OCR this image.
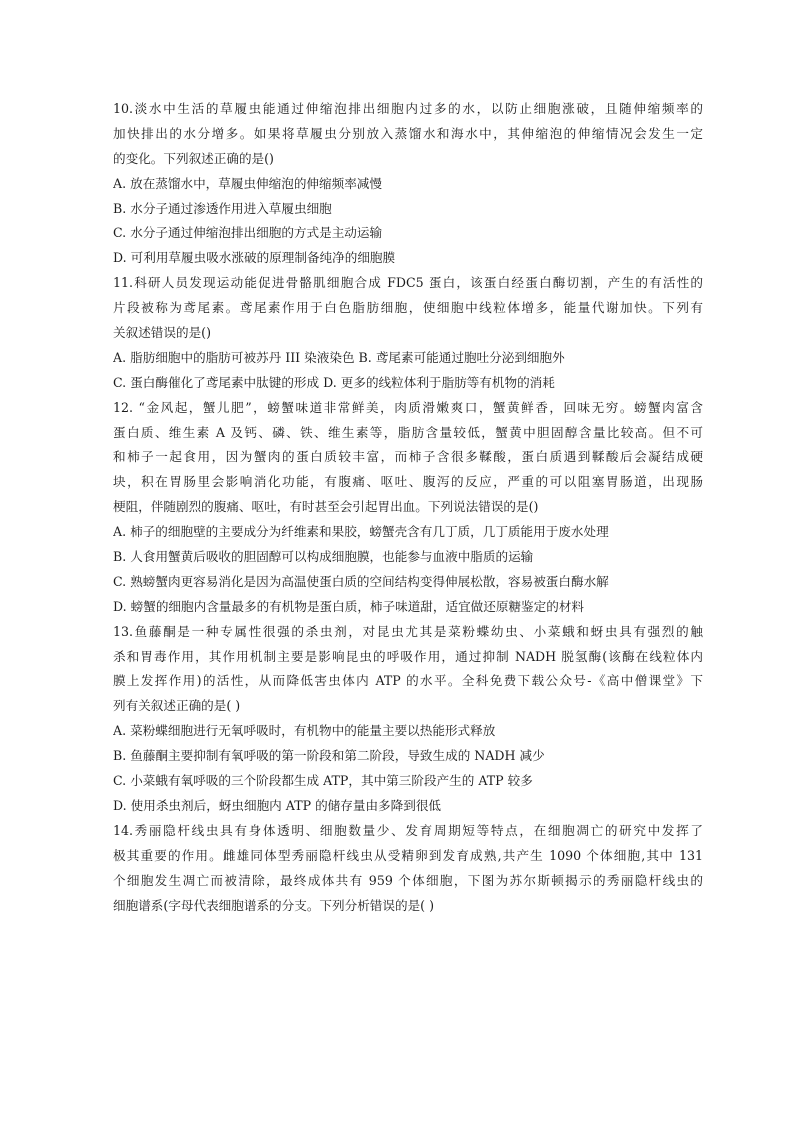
10.淡水中生活的草履虫能通过伸缩泡排出细胞内过多的水，以防止细胞涨破，且随伸缩频率的
加快排出的水分增多。如果将草履虫分别放入蒸馏水和海水中，其伸缩泡的伸缩情况会发生一定
的变化。下列叙述正确的是()
A. 放在蒸馏水中，草履虫伸缩泡的伸缩频率减慢
B. 水分子通过渗透作用进入草履虫细胞
C. 水分子通过伸缩泡排出细胞的方式是主动运输
D. 可利用草履虫吸水涨破的原理制备纯净的细胞膜
11.科研人员发现运动能促进骨骼肌细胞合成 FDC5 蛋白，该蛋白经蛋白酶切割，产生的有活性的
片段被称为鸢尾素。鸢尾素作用于白色脂肪细胞，使细胞中线粒体增多，能量代谢加快。下列有
关叙述错误的是()
A. 脂肪细胞中的脂肪可被苏丹 III 染液染色 B. 鸢尾素可能通过胞吐分泌到细胞外
C. 蛋白酶催化了鸢尾素中肽键的形成 D. 更多的线粒体利于脂肪等有机物的消耗
12. “金风起，蟹儿肥”，螃蟹味道非常鲜美，肉质滑嫩爽口，蟹黄鲜香，回味无穷。螃蟹肉富含
蛋白质、维生素 A 及钙、磷、铁、维生素等，脂肪含量较低，蟹黄中胆固醇含量比较高。但不可
和柿子一起食用，因为蟹肉的蛋白质较丰富，而柿子含很多鞣酸，蛋白质遇到鞣酸后会凝结成硬
块，积在胃肠里会影响消化功能，有腹痛、呕吐、腹泻的反应，严重的可以阻塞胃肠道，出现肠
梗阻，伴随剧烈的腹痛、呕吐，有时甚至会引起胃出血。下列说法错误的是()
A. 柿子的细胞壁的主要成分为纤维素和果胶，螃蟹壳含有几丁质，几丁质能用于废水处理
B. 人食用蟹黄后吸收的胆固醇可以构成细胞膜，也能参与血液中脂质的运输
C. 熟螃蟹肉更容易消化是因为高温使蛋白质的空间结构变得伸展松散，容易被蛋白酶水解
D. 螃蟹的细胞内含量最多的有机物是蛋白质，柿子味道甜，适宜做还原糖鉴定的材料
13.鱼藤酮是一种专属性很强的杀虫剂，对昆虫尤其是菜粉蝶幼虫、小菜蛾和蚜虫具有强烈的触
杀和胃毒作用，其作用机制主要是影响昆虫的呼吸作用，通过抑制 NADH 脱氢酶(该酶在线粒体内
膜上发挥作用)的活性，从而降低害虫体内 ATP 的水平。全科免费下载公众号-《高中僧课堂》下
列有关叙述正确的是( )
A. 菜粉蝶细胞进行无氧呼吸时，有机物中的能量主要以热能形式释放
B. 鱼藤酮主要抑制有氧呼吸的第一阶段和第二阶段，导致生成的 NADH 减少
C. 小菜蛾有氧呼吸的三个阶段都生成 ATP，其中第三阶段产生的 ATP 较多
D. 使用杀虫剂后，蚜虫细胞内 ATP 的储存量由多降到很低
14.秀丽隐杆线虫具有身体透明、细胞数量少、发育周期短等特点，在细胞凋亡的研究中发挥了
极其重要的作用。雌雄同体型秀丽隐杆线虫从受精卵到发育成熟,共产生 1090 个体细胞,其中 131
个细胞发生凋亡而被清除，最终成体共有 959 个体细胞，下图为苏尔斯顿揭示的秀丽隐杆线虫的
细胞谱系(字母代表细胞谱系的分支。下列分析错误的是( )
